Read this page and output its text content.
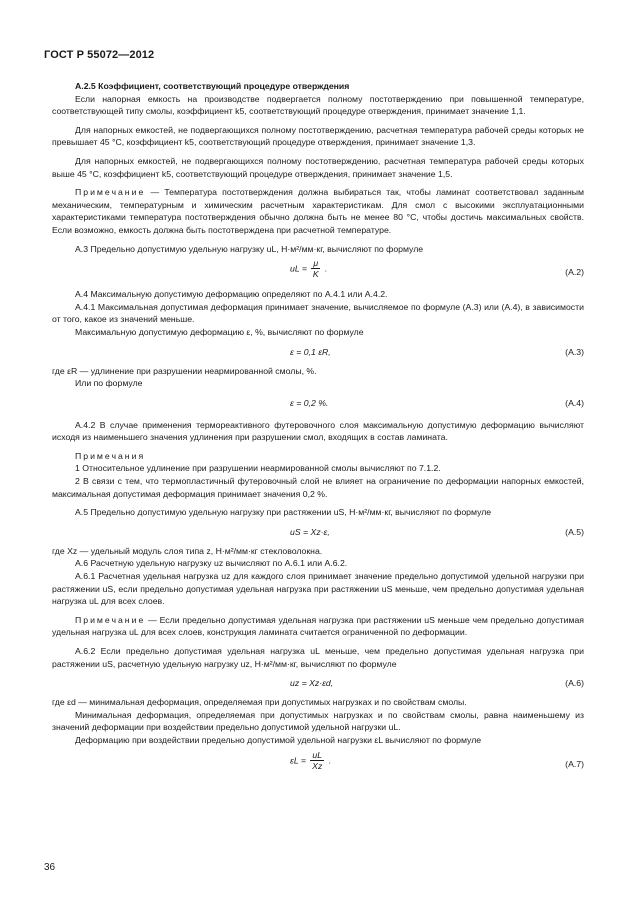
ГОСТ Р 55072—2012

А.2.5 Коэффициент, соответствующий процедуре отверждения

Если напорная емкость на производстве подвергается полному постотверждению при повышенной температуре, соответствующей типу смолы, коэффициент k5, соответствующий процедуре отверждения, принимает значение 1,1.

Для напорных емкостей, не подвергающихся полному постотверждению, расчетная температура рабочей среды которых не превышает 45 °С, коэффициент k5, соответствующий процедуре отверждения, принимает значение 1,3.

Для напорных емкостей, не подвергающихся полному постотверждению, расчетная температура рабочей среды которых выше 45 °С, коэффициент k5, соответствующий процедуре отверждения, принимает значение 1,5.

Примечание — Температура постотверждения должна выбираться так, чтобы ламинат соответствовал заданным механическим, температурным и химическим расчетным характеристикам. Для смол с высокими эксплуатационными характеристиками температура постотверждения обычно должна быть не менее 80 °С, чтобы достичь максимальных свойств. Если возможно, емкость должна быть постотверждена при расчетной температуре.

А.3 Предельно допустимую удельную нагрузку uL, Н·м²/мм·кг, вычисляют по формуле

uL = $\frac{\mu}{K}$ .	(А.2)

А.4 Максимальную допустимую деформацию определяют по А.4.1 или А.4.2.

А.4.1 Максимальная допустимая деформация принимает значение, вычисляемое по формуле (А.3) или (А.4), в зависимости от того, какое из значений меньше.

Максимальную допустимую деформацию ε, %, вычисляют по формуле

ε = 0,1 εR,	(А.3)

где εR — удлинение при разрушении неармированной смолы, %.

Или по формуле

ε = 0,2 %.	(А.4)

А.4.2 В случае применения термореактивного футеровочного слоя максимальную допустимую деформацию вычисляют исходя из наименьшего значения удлинения при разрушении смол, входящих в состав ламината.

Примечания

1 Относительное удлинение при разрушении неармированной смолы вычисляют по 7.1.2.

2 В связи с тем, что термопластичный футеровочный слой не влияет на ограничение по деформации напорных емкостей, максимальная допустимая деформация принимает значения 0,2 %.

А.5 Предельно допустимую удельную нагрузку при растяжении uS, Н·м²/мм·кг, вычисляют по формуле

uS = Xz·ε,	(А.5)

где Xz — удельный модуль слоя типа z, Н·м²/мм·кг стекловолокна.

А.6 Расчетную удельную нагрузку uz вычисляют по А.6.1 или А.6.2.

А.6.1 Расчетная удельная нагрузка uz для каждого слоя принимает значение предельно допустимой удельной нагрузки при растяжении uS, если предельно допустимая удельная нагрузка при растяжении uS меньше, чем предельно допустимая удельная нагрузка uL для всех слоев.

Примечание — Если предельно допустимая удельная нагрузка при растяжении uS меньше чем предельно допустимая удельная нагрузка uL для всех слоев, конструкция ламината считается ограниченной по деформации.

А.6.2 Если предельно допустимая удельная нагрузка uL меньше, чем предельно допустимая удельная нагрузка при растяжении uS, расчетную удельную нагрузку uz, Н·м²/мм·кг, вычисляют по формуле

uz = Xz·εd,	(А.6)

где εd — минимальная деформация, определяемая при допустимых нагрузках и по свойствам смолы.

Минимальная деформация, определяемая при допустимых нагрузках и по свойствам смолы, равна наименьшему из значений деформации при воздействии предельно допустимой удельной нагрузки uL.

Деформацию при воздействии предельно допустимой удельной нагрузки εL вычисляют по формуле

$\varepsilon L = \frac{uL}{Xz}$ .	(А.7)
36
